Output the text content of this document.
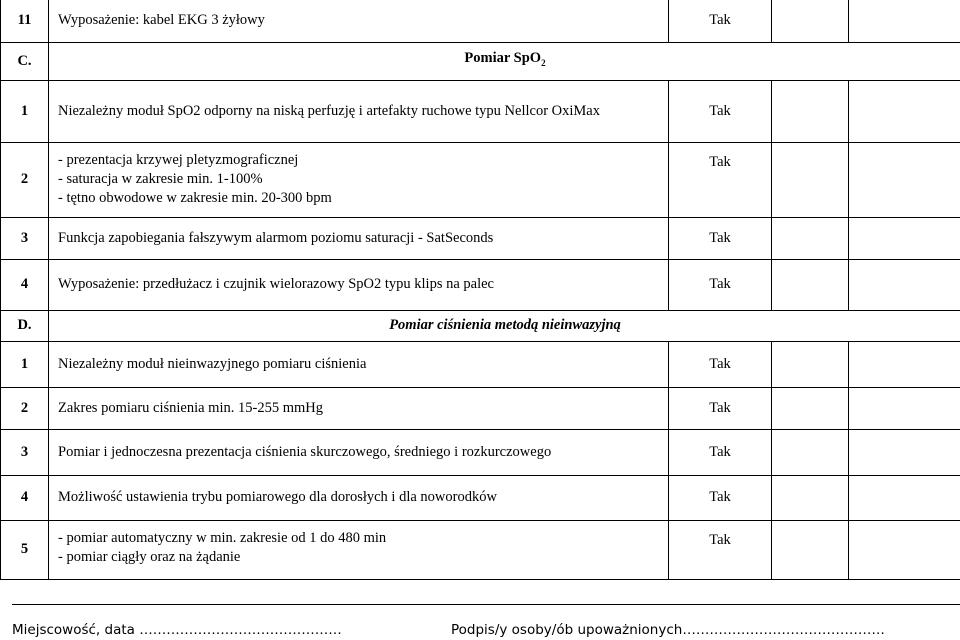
11	Wyposażenie: kabel EKG 3 żyłowy	Tak		
C.	Pomiar SpO$_2$
1	Niezależny moduł SpO2 odporny na niską perfuzję i artefakty ruchowe typu Nellcor OxiMax	Tak		
2	- prezentacja krzywej pletyzmograficznej
- saturacja w zakresie min. 1-100%
- tętno obwodowe w zakresie min. 20-300 bpm	Tak		
3	Funkcja zapobiegania fałszywym alarmom poziomu saturacji - SatSeconds	Tak		
4	Wyposażenie: przedłużacz i czujnik wielorazowy SpO2 typu klips na palec	Tak		
D.	Pomiar ciśnienia metodą nieinwazyjną			
1	Niezależny moduł nieinwazyjnego pomiaru ciśnienia	Tak		
2	Zakres pomiaru ciśnienia min. 15-255 mmHg	Tak		
3	Pomiar i jednoczesna prezentacja ciśnienia skurczowego, średniego i rozkurczowego	Tak		
4	Możliwość ustawienia trybu pomiarowego dla dorosłych i dla noworodków	Tak		
5	- pomiar automatyczny w min. zakresie od 1 do 480 min
- pomiar ciągły oraz na żądanie	Tak		
Miejscowość, data ………………………………………	Podpis/y osoby/ób upoważnionych………………………………………
